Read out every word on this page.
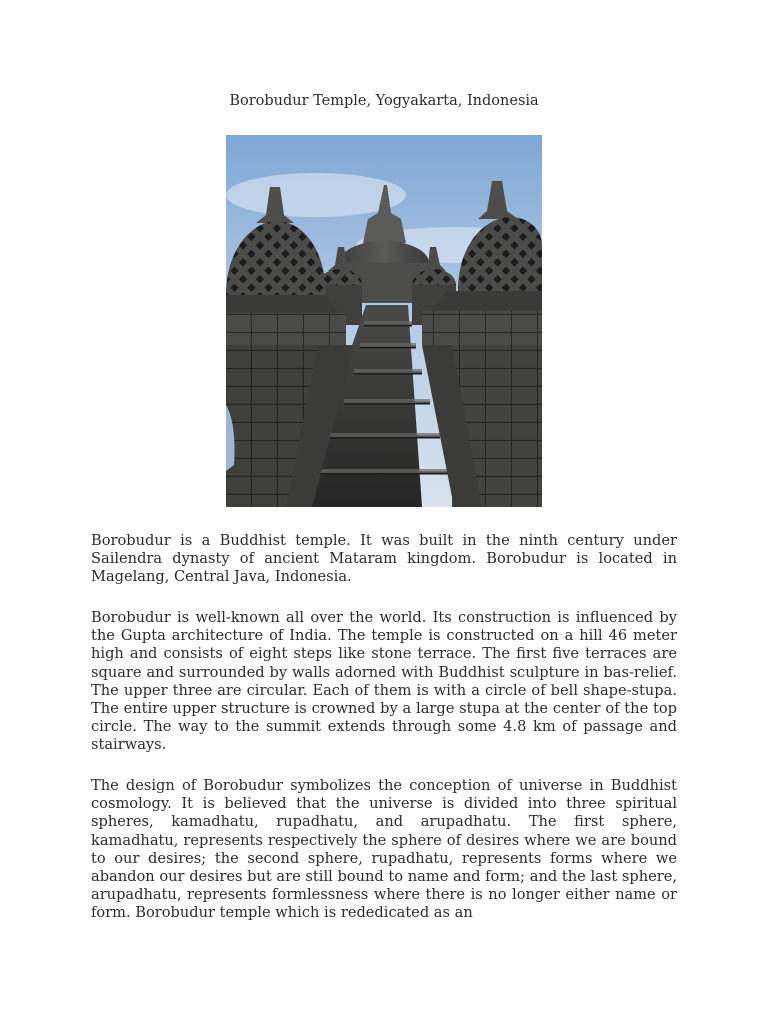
Borobudur Temple, Yogyakarta, Indonesia

Borobudur is a Buddhist temple. It was built in the ninth century under Sailendra dynasty of ancient Mataram kingdom. Borobudur is located in Magelang, Central Java, Indonesia.

Borobudur is well-known all over the world. Its construction is influenced by the Gupta architecture of India. The temple is constructed on a hill 46 meter high and consists of eight steps like stone terrace. The first five terraces are square and surrounded by walls adorned with Buddhist sculpture in bas-relief. The upper three are circular. Each of them is with a circle of bell shape-stupa. The entire upper structure is crowned by a large stupa at the center of the top circle. The way to the summit extends through some 4.8 km of passage and stairways.

The design of Borobudur symbolizes the conception of universe in Buddhist cosmology. It is believed that the universe is divided into three spiritual spheres, kamadhatu, rupadhatu, and arupadhatu. The first sphere, kamadhatu, represents respectively the sphere of desires where we are bound to our desires; the second sphere, rupadhatu, represents forms where we abandon our desires but are still bound to name and form; and the last sphere, arupadhatu, represents formlessness where there is no longer either name or form. Borobudur temple which is rededicated as an
